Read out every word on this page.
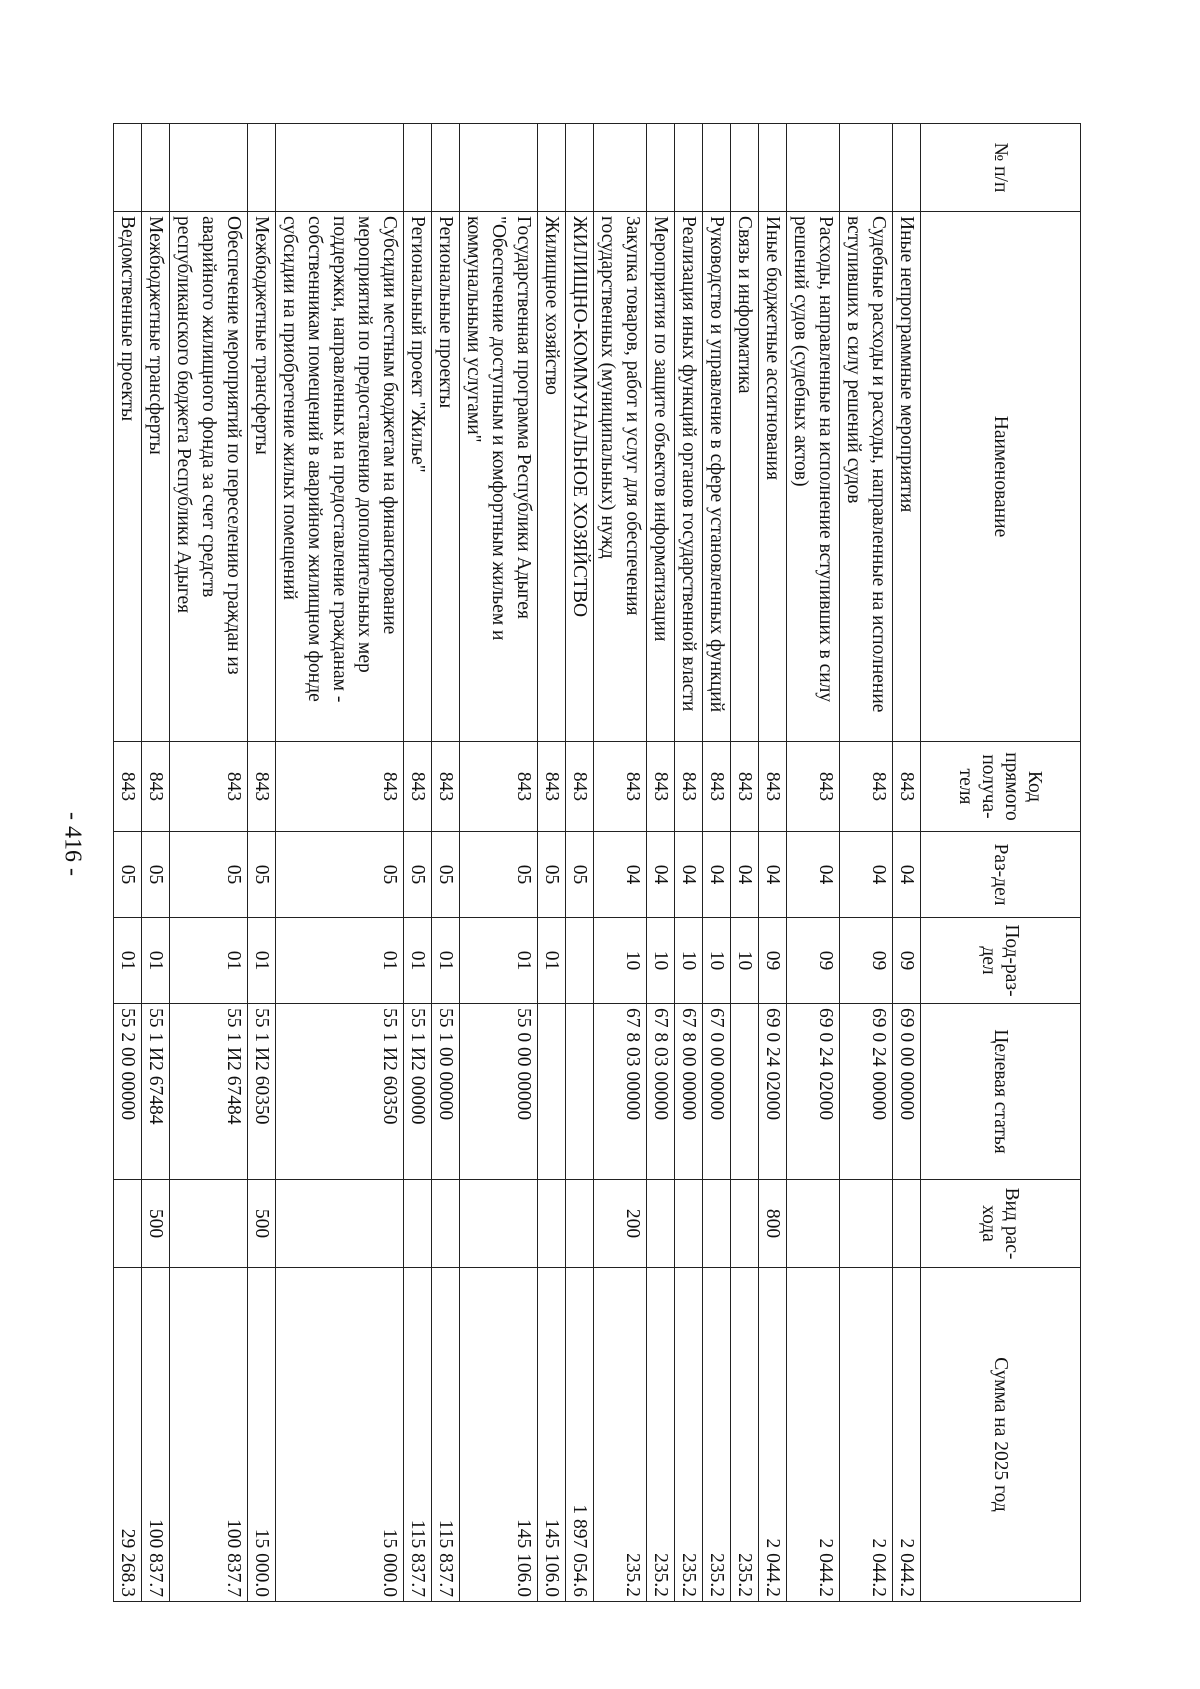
- 416 -
№ п/п	Наименование	Код прямого получа-теля	Раз-дел	Под-раз-дел	Целевая статья	Вид рас-хода	Сумма на 2025 год
	Иные непрограммные мероприятия	843	04	09	69 0 00 00000		2 044.2
	Судебные расходы и расходы, направленные на исполнение вступивших в силу решений судов	843	04	09	69 0 24 00000		2 044.2
	Расходы, направленные на исполнение вступивших в силу решений судов (судебных актов)	843	04	09	69 0 24 02000		2 044.2
	Иные бюджетные ассигнования	843	04	09	69 0 24 02000	800	2 044.2
	Связь и информатика	843	04	10			235.2
	Руководство и управление в сфере установленных функций	843	04	10	67 0 00 00000		235.2
	Реализация иных функций органов государственной власти	843	04	10	67 8 00 00000		235.2
	Мероприятия по защите объектов информатизации	843	04	10	67 8 03 00000		235.2
	Закупка товаров, работ и услуг для обеспечения государственных (муниципальных) нужд	843	04	10	67 8 03 00000	200	235.2
	ЖИЛИЩНО-КОММУНАЛЬНОЕ ХОЗЯЙСТВО	843	05				1 897 054.6
	Жилищное хозяйство	843	05	01			145 106.0
	Государственная программа Республики Адыгея "Обеспечение доступным и комфортным жильем и коммунальными услугами"	843	05	01	55 0 00 00000		145 106.0
	Региональные проекты	843	05	01	55 1 00 00000		115 837.7
	Региональный проект "Жилье"	843	05	01	55 1 И2 00000		115 837.7
	Субсидии местным бюджетам на финансирование мероприятий по предоставлению дополнительных мер поддержки, направленных на предоставление гражданам - собственникам помещений в аварийном жилищном фонде субсидии на приобретение жилых помещений	843	05	01	55 1 И2 60350		15 000.0
	Межбюджетные трансферты	843	05	01	55 1 И2 60350	500	15 000.0
	Обеспечение мероприятий по переселению граждан из аварийного жилищного фонда за счет средств республиканского бюджета Республики Адыгея	843	05	01	55 1 И2 67484		100 837.7
	Межбюджетные трансферты	843	05	01	55 1 И2 67484	500	100 837.7
	Ведомственные проекты	843	05	01	55 2 00 00000		29 268.3
